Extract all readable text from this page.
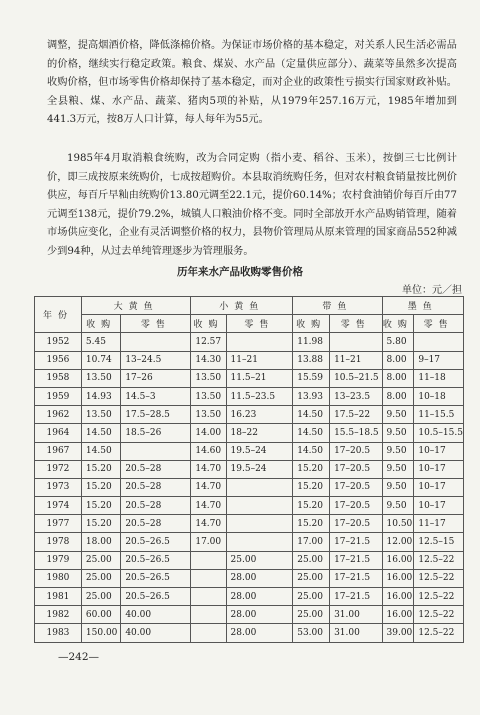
调整，提高烟酒价格，降低涤棉价格。为保证市场价格的基本稳定，对关系人民生活必需品的价格，继续实行稳定政策。粮食、煤炭、水产品（定量供应部分）、蔬菜等虽然多次提高收购价格，但市场零售价格却保持了基本稳定，而对企业的政策性亏损实行国家财政补贴。全县粮、煤、水产品、蔬菜、猪肉5项的补贴，从1979年257.16万元，1985年增加到441.3万元，按8万人口计算，每人每年为55元。

1985年4月取消粮食统购，改为合同定购（指小麦、稻谷、玉米），按倒三七比例计价，即三成按原来统购价，七成按超购价。本县取消统购任务，但对农村粮食销量按比例价供应，每百斤早籼由统购价13.80元调至22.1元，提价60.14%；农村食油销价每百斤由77元调至138元，提价79.2%，城镇人口粮油价格不变。同时全部放开水产品购销管理，随着市场供应变化，企业有灵活调整价格的权力，县物价管理局从原来管理的国家商品552种减少到94种，从过去单纯管理逐步为管理服务。

历年来水产品收购零售价格

单位：元／担

年份	大黄鱼		小黄鱼		带鱼		墨鱼	
	收购	零售	收购	零售	收购	零售	收购	零售
1952	5.45		12.57		11.98		5.80	
1956	10.74	13–24.5	14.30	11–21	13.88	11–21	8.00	9–17
1958	13.50	17–26	13.50	11.5–21	15.59	10.5–21.5	8.00	11–18
1959	14.93	14.5–3	13.50	11.5–23.5	13.93	13–23.5	8.00	10–18
1962	13.50	17.5–28.5	13.50	16.23	14.50	17.5–22	9.50	11–15.5
1964	14.50	18.5–26	14.00	18–22	14.50	15.5–18.5	9.50	10.5–15.5
1967	14.50		14.60	19.5–24	14.50	17–20.5	9.50	10–17
1972	15.20	20.5–28	14.70	19.5–24	15.20	17–20.5	9.50	10–17
1973	15.20	20.5–28	14.70		15.20	17–20.5	9.50	10–17
1974	15.20	20.5–28	14.70		15.20	17–20.5	9.50	10–17
1977	15.20	20.5–28	14.70		15.20	17–20.5	10.50	11–17
1978	18.00	20.5–26.5	17.00		17.00	17–21.5	12.00	12.5–15
1979	25.00	20.5–26.5		25.00	25.00	17–21.5	16.00	12.5–22
1980	25.00	20.5–26.5		28.00	25.00	17–21.5	16.00	12.5–22
1981	25.00	20.5–26.5		28.00	25.00	17–21.5	16.00	12.5–22
1982	60.00	40.00		28.00	25.00	31.00	16.00	12.5–22
1983	150.00	40.00		28.00	53.00	31.00	39.00	12.5–22

—242—
